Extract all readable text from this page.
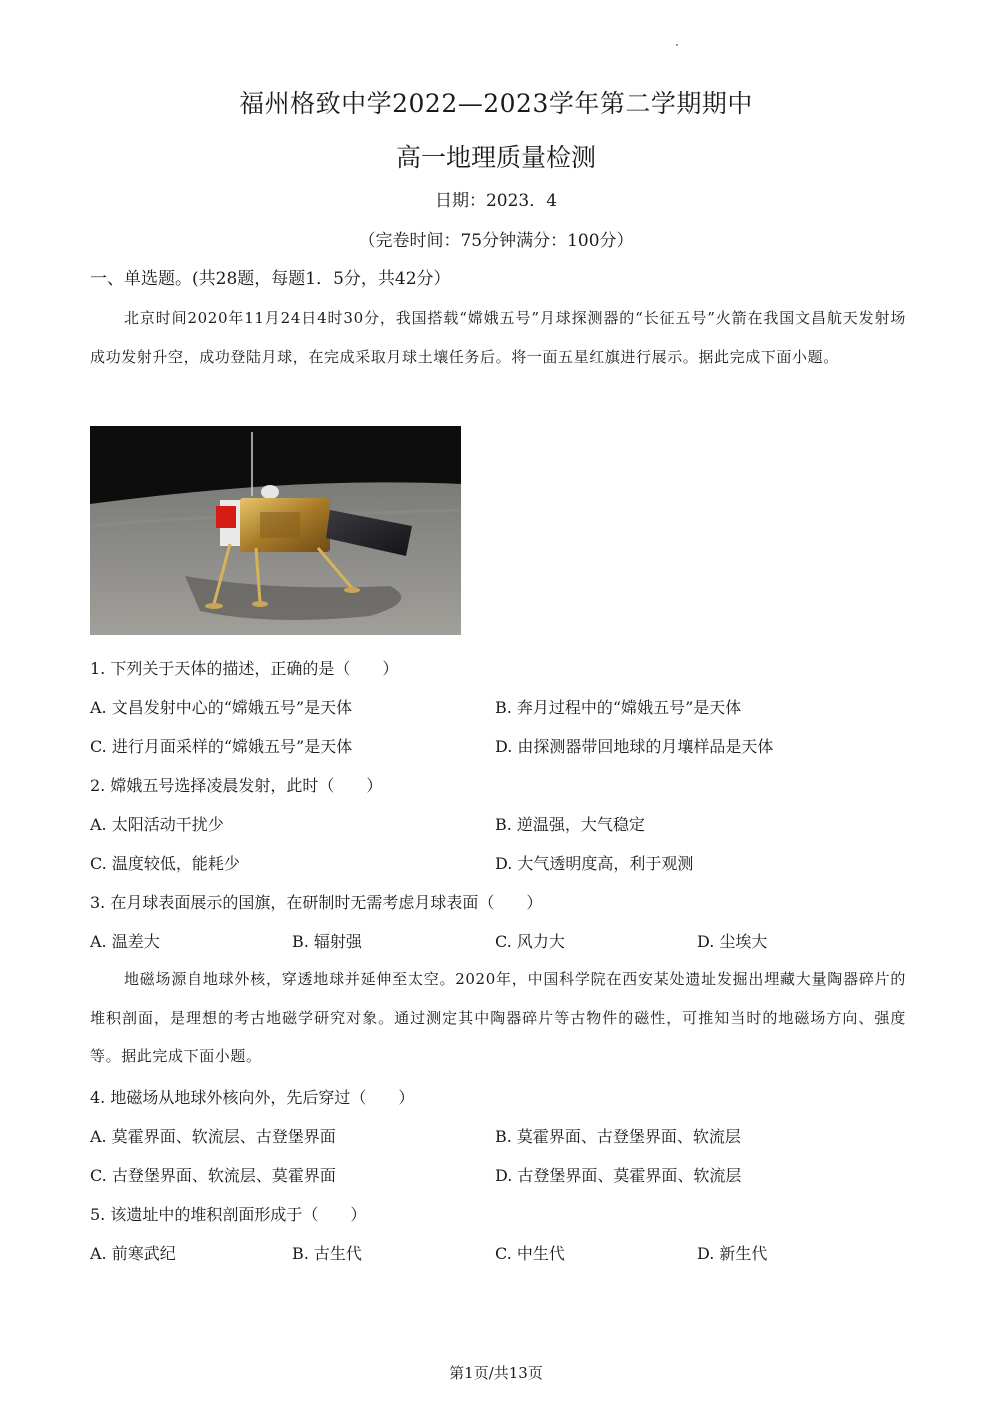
福州格致中学2022—2023学年第二学期期中
高一地理质量检测
日期：2023．4
（完卷时间：75分钟满分：100分）
一、单选题。(共28题，每题1．5分，共42分）
北京时间2020年11月24日4时30分，我国搭载“嫦娥五号”月球探测器的“长征五号”火箭在我国文昌航天发射场成功发射升空，成功登陆月球，在完成采取月球土壤任务后。将一面五星红旗进行展示。据此完成下面小题。
1. 下列关于天体的描述，正确的是（　　）
A. 文昌发射中心的“嫦娥五号”是天体	B. 奔月过程中的“嫦娥五号”是天体
C. 进行月面采样的“嫦娥五号”是天体	D. 由探测器带回地球的月壤样品是天体
2. 嫦娥五号选择凌晨发射，此时（　　）
A. 太阳活动干扰少	B. 逆温强，大气稳定
C. 温度较低，能耗少	D. 大气透明度高，利于观测
3. 在月球表面展示的国旗，在研制时无需考虑月球表面（　　）
A. 温差大	B. 辐射强	C. 风力大	D. 尘埃大
地磁场源自地球外核，穿透地球并延伸至太空。2020年，中国科学院在西安某处遗址发掘出埋藏大量陶器碎片的堆积剖面，是理想的考古地磁学研究对象。通过测定其中陶器碎片等古物件的磁性，可推知当时的地磁场方向、强度等。据此完成下面小题。
4. 地磁场从地球外核向外，先后穿过（　　）
A. 莫霍界面、软流层、古登堡界面	B. 莫霍界面、古登堡界面、软流层
C. 古登堡界面、软流层、莫霍界面	D. 古登堡界面、莫霍界面、软流层
5. 该遗址中的堆积剖面形成于（　　）
A. 前寒武纪	B. 古生代	C. 中生代	D. 新生代
第1页/共13页
